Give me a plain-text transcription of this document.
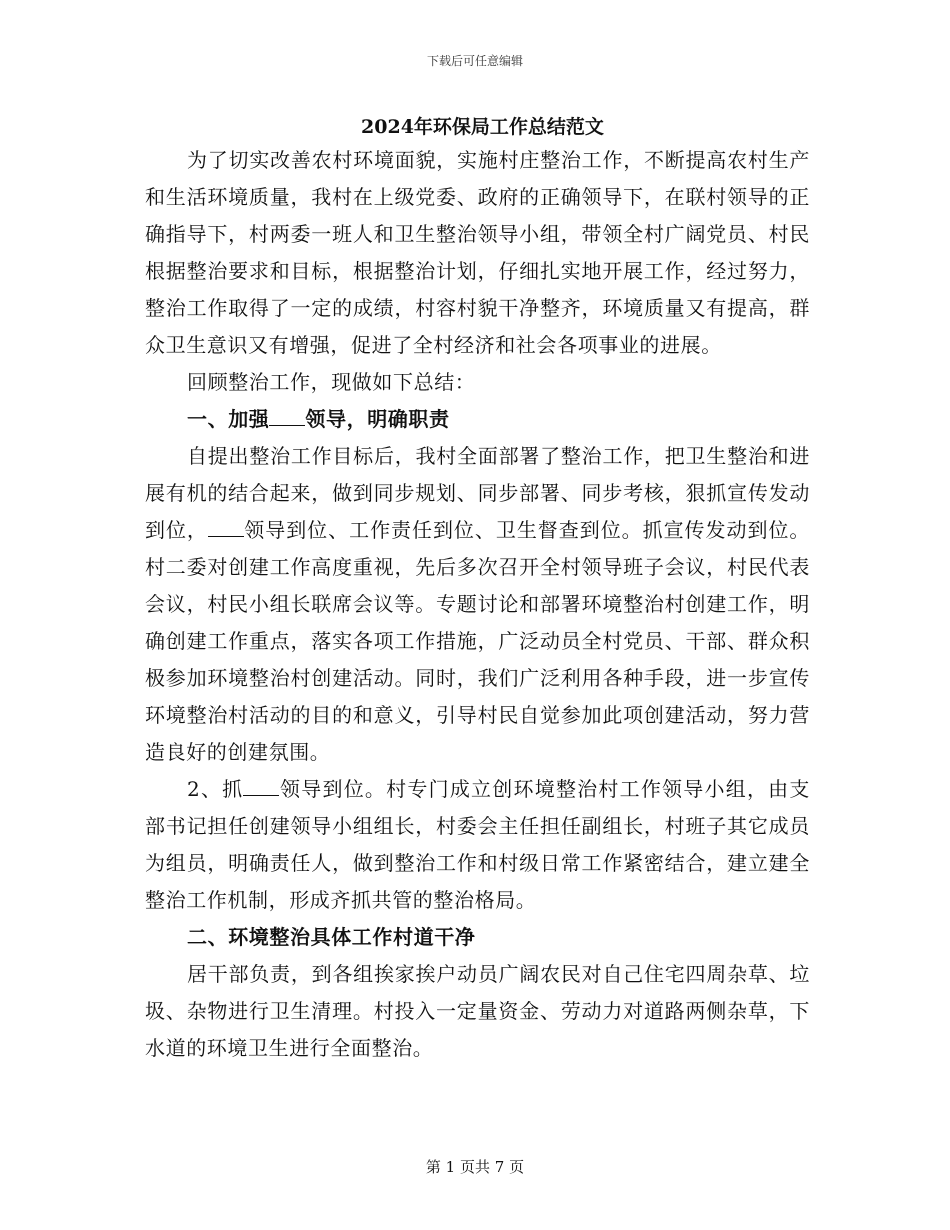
下载后可任意编辑
2024年环保局工作总结范文

为了切实改善农村环境面貌，实施村庄整治工作，不断提高农村生产和生活环境质量，我村在上级党委、政府的正确领导下，在联村领导的正确指导下，村两委一班人和卫生整治领导小组，带领全村广阔党员、村民根据整治要求和目标，根据整治计划，仔细扎实地开展工作，经过努力，整治工作取得了一定的成绩，村容村貌干净整齐，环境质量又有提高，群众卫生意识又有增强，促进了全村经济和社会各项事业的进展。

回顾整治工作，现做如下总结：

一、加强 领导，明确职责

自提出整治工作目标后，我村全面部署了整治工作，把卫生整治和进展有机的结合起来，做到同步规划、同步部署、同步考核，狠抓宣传发动到位， 领导到位、工作责任到位、卫生督查到位。抓宣传发动到位。村二委对创建工作高度重视，先后多次召开全村领导班子会议，村民代表会议，村民小组长联席会议等。专题讨论和部署环境整治村创建工作，明确创建工作重点，落实各项工作措施，广泛动员全村党员、干部、群众积极参加环境整治村创建活动。同时，我们广泛利用各种手段，进一步宣传环境整治村活动的目的和意义，引导村民自觉参加此项创建活动，努力营造良好的创建氛围。

2、抓 领导到位。村专门成立创环境整治村工作领导小组，由支部书记担任创建领导小组组长，村委会主任担任副组长，村班子其它成员为组员，明确责任人，做到整治工作和村级日常工作紧密结合，建立建全整治工作机制，形成齐抓共管的整治格局。

二、环境整治具体工作村道干净

居干部负责，到各组挨家挨户动员广阔农民对自己住宅四周杂草、垃圾、杂物进行卫生清理。村投入一定量资金、劳动力对道路两侧杂草，下水道的环境卫生进行全面整治。

第 1 页共 7 页
